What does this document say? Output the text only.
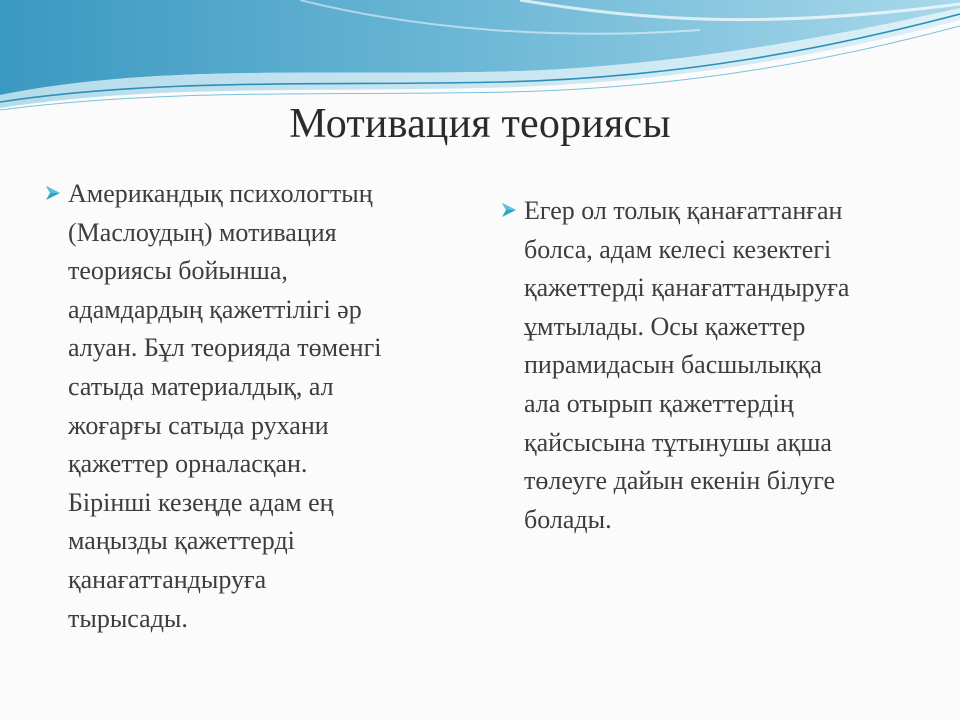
Мотивация теориясы
Американдық психологтың
(Маслоудың) мотивация
теориясы бойынша,
адамдардың қажеттілігі әр
алуан. Бұл теорияда төменгі
сатыда материалдық, ал
жоғарғы сатыда рухани
қажеттер орналасқан.
Бірінші кезеңде адам ең
маңызды қажеттерді
қанағаттандыруға
тырысады.
Егер ол толық қанағаттанған
болса, адам келесі кезектегі
қажеттерді қанағаттандыруға
ұмтылады. Осы қажеттер
пирамидасын басшылыққа
ала отырып қажеттердің
қайсысына тұтынушы ақша
төлеуге дайын екенін білуге
болады.
